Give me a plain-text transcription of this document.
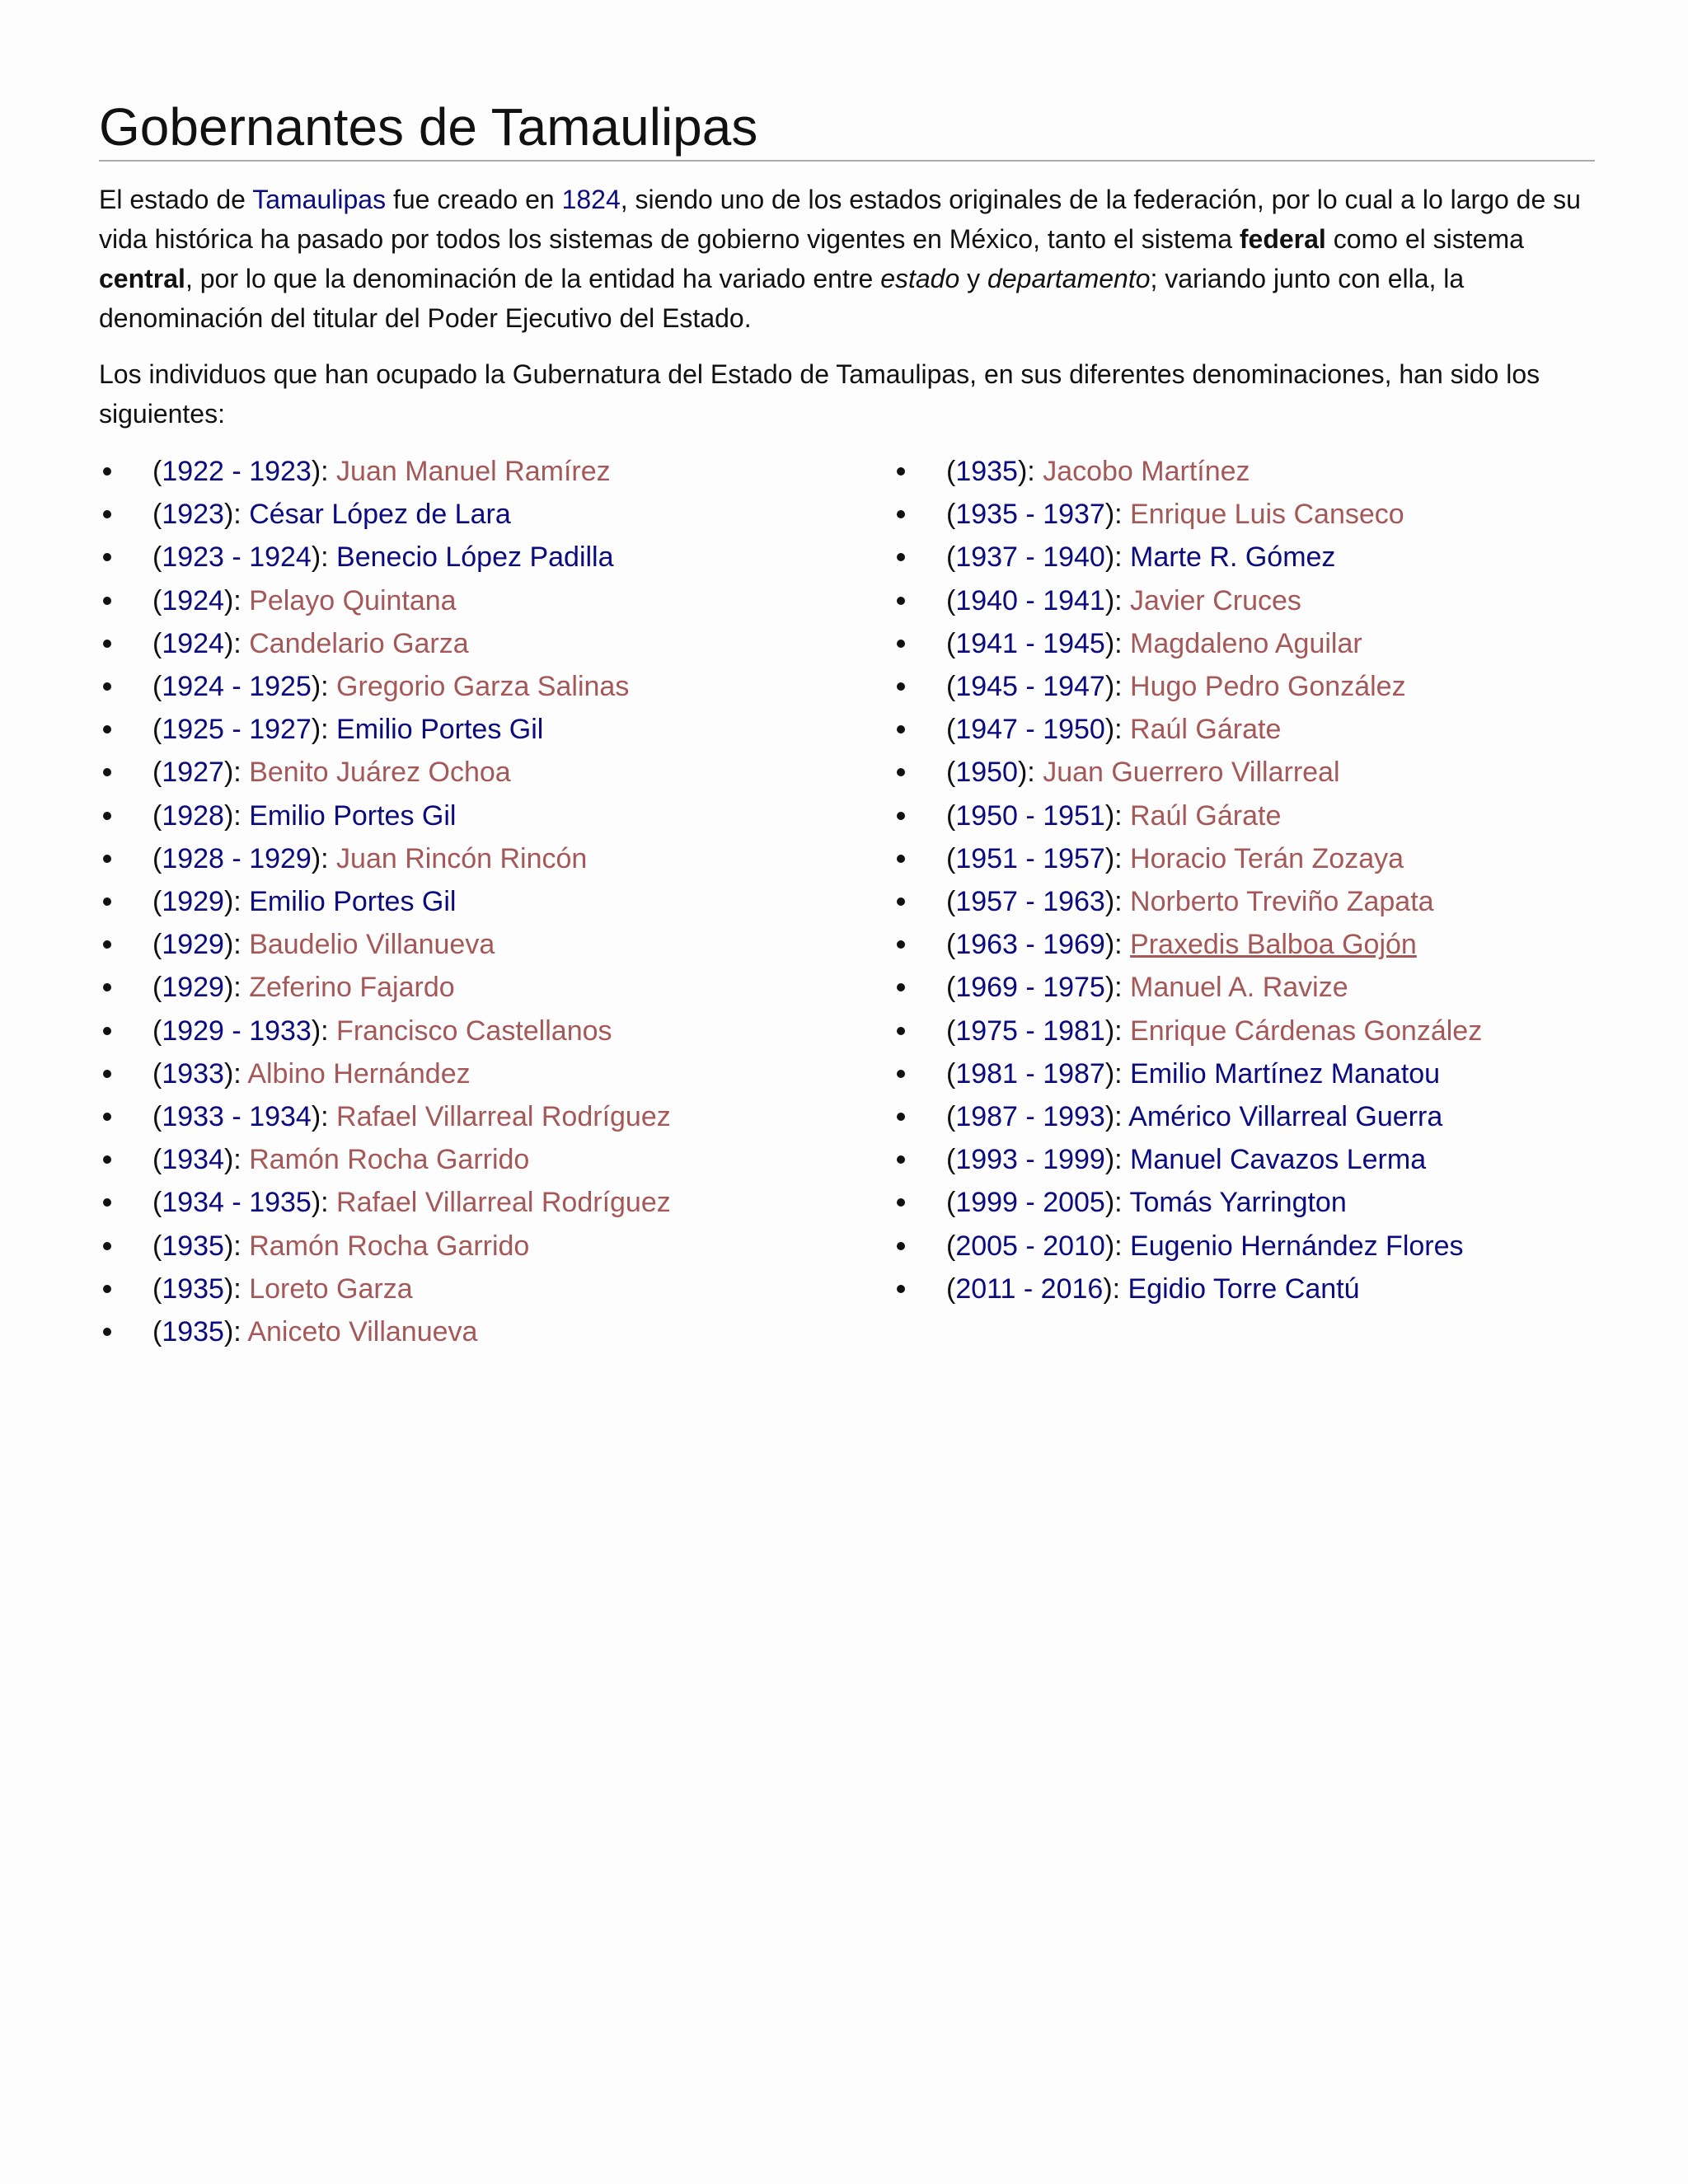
Gobernantes de Tamaulipas

El estado de Tamaulipas fue creado en 1824, siendo uno de los estados originales de la federación, por lo cual a lo largo de su vida histórica ha pasado por todos los sistemas de gobierno vigentes en México, tanto el sistema federal como el sistema central, por lo que la denominación de la entidad ha variado entre estado y departamento; variando junto con ella, la denominación del titular del Poder Ejecutivo del Estado.

Los individuos que han ocupado la Gubernatura del Estado de Tamaulipas, en sus diferentes denominaciones, han sido los siguientes:

(1922 - 1923): Juan Manuel Ramírez
(1923): César López de Lara
(1923 - 1924): Benecio López Padilla
(1924): Pelayo Quintana
(1924): Candelario Garza
(1924 - 1925): Gregorio Garza Salinas
(1925 - 1927): Emilio Portes Gil
(1927): Benito Juárez Ochoa
(1928): Emilio Portes Gil
(1928 - 1929): Juan Rincón Rincón
(1929): Emilio Portes Gil
(1929): Baudelio Villanueva
(1929): Zeferino Fajardo
(1929 - 1933): Francisco Castellanos
(1933): Albino Hernández
(1933 - 1934): Rafael Villarreal Rodríguez
(1934): Ramón Rocha Garrido
(1934 - 1935): Rafael Villarreal Rodríguez
(1935): Ramón Rocha Garrido
(1935): Loreto Garza
(1935): Aniceto Villanueva
(1935): Jacobo Martínez
(1935 - 1937): Enrique Luis Canseco
(1937 - 1940): Marte R. Gómez
(1940 - 1941): Javier Cruces
(1941 - 1945): Magdaleno Aguilar
(1945 - 1947): Hugo Pedro González
(1947 - 1950): Raúl Gárate
(1950): Juan Guerrero Villarreal
(1950 - 1951): Raúl Gárate
(1951 - 1957): Horacio Terán Zozaya
(1957 - 1963): Norberto Treviño Zapata
(1963 - 1969): Praxedis Balboa Gojón
(1969 - 1975): Manuel A. Ravize
(1975 - 1981): Enrique Cárdenas González
(1981 - 1987): Emilio Martínez Manatou
(1987 - 1993): Américo Villarreal Guerra
(1993 - 1999): Manuel Cavazos Lerma
(1999 - 2005): Tomás Yarrington
(2005 - 2010): Eugenio Hernández Flores
(2011 - 2016): Egidio Torre Cantú
